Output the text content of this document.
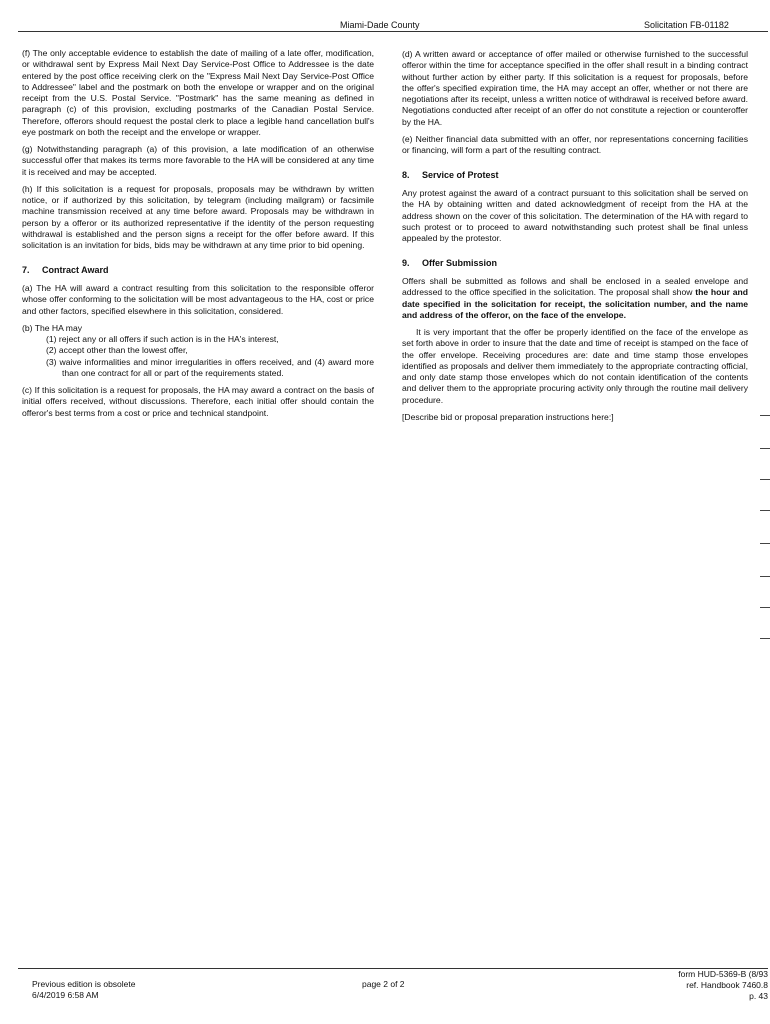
Miami-Dade County	Solicitation FB-01182

(f) The only acceptable evidence to establish the date of mailing of a late offer, modification, or withdrawal sent by Express Mail Next Day Service-Post Office to Addressee is the date entered by the post office receiving clerk on the "Express Mail Next Day Service-Post Office to Addressee" label and the postmark on both the envelope or wrapper and on the original receipt from the U.S. Postal Service. "Postmark" has the same meaning as defined in paragraph (c) of this provision, excluding postmarks of the Canadian Postal Service. Therefore, offerors should request the postal clerk to place a legible hand cancellation bull's eye postmark on both the receipt and the envelope or wrapper.

(g) Notwithstanding paragraph (a) of this provision, a late modification of an otherwise successful offer that makes its terms more favorable to the HA will be considered at any time it is received and may be accepted.

(h) If this solicitation is a request for proposals, proposals may be withdrawn by written notice, or if authorized by this solicitation, by telegram (including mailgram) or facsimile machine transmission received at any time before award. Proposals may be withdrawn in person by a offeror or its authorized representative if the identity of the person requesting withdrawal is established and the person signs a receipt for the offer before award. If this solicitation is an invitation for bids, bids may be withdrawn at any time prior to bid opening.

7. Contract Award

(a) The HA will award a contract resulting from this solicitation to the responsible offeror whose offer conforming to the solicitation will be most advantageous to the HA, cost or price and other factors, specified elsewhere in this solicitation, considered.

(b) The HA may
(1) reject any or all offers if such action is in the HA's interest,
(2) accept other than the lowest offer,
(3) waive informalities and minor irregularities in offers received, and (4) award more than one contract for all or part of the requirements stated.

(c) If this solicitation is a request for proposals, the HA may award a contract on the basis of initial offers received, without discussions. Therefore, each initial offer should contain the offeror's best terms from a cost or price and technical standpoint.

(d) A written award or acceptance of offer mailed or otherwise furnished to the successful offeror within the time for acceptance specified in the offer shall result in a binding contract without further action by either party. If this solicitation is a request for proposals, before the offer's specified expiration time, the HA may accept an offer, whether or not there are negotiations after its receipt, unless a written notice of withdrawal is received before award. Negotiations conducted after receipt of an offer do not constitute a rejection or counteroffer by the HA.

(e) Neither financial data submitted with an offer, nor representations concerning facilities or financing, will form a part of the resulting contract.

8. Service of Protest

Any protest against the award of a contract pursuant to this solicitation shall be served on the HA by obtaining written and dated acknowledgment of receipt from the HA at the address shown on the cover of this solicitation. The determination of the HA with regard to such protest or to proceed to award notwithstanding such protest shall be final unless appealed by the protestor.

9. Offer Submission

Offers shall be submitted as follows and shall be enclosed in a sealed envelope and addressed to the office specified in the solicitation. The proposal shall show the hour and date specified in the solicitation for receipt, the solicitation number, and the name and address of the offeror, on the face of the envelope.

It is very important that the offer be properly identified on the face of the envelope as set forth above in order to insure that the date and time of receipt is stamped on the face of the offer envelope. Receiving procedures are: date and time stamp those envelopes identified as proposals and deliver them immediately to the appropriate contracting official, and only date stamp those envelopes which do not contain identification of the contents and deliver them to the appropriate procuring activity only through the routine mail delivery procedure.

[Describe bid or proposal preparation instructions here:]

Previous edition is obsolete
6/4/2019 6:58 AM
page 2 of 2
form HUD-5369-B (8/93
ref. Handbook 7460.8
p. 43
